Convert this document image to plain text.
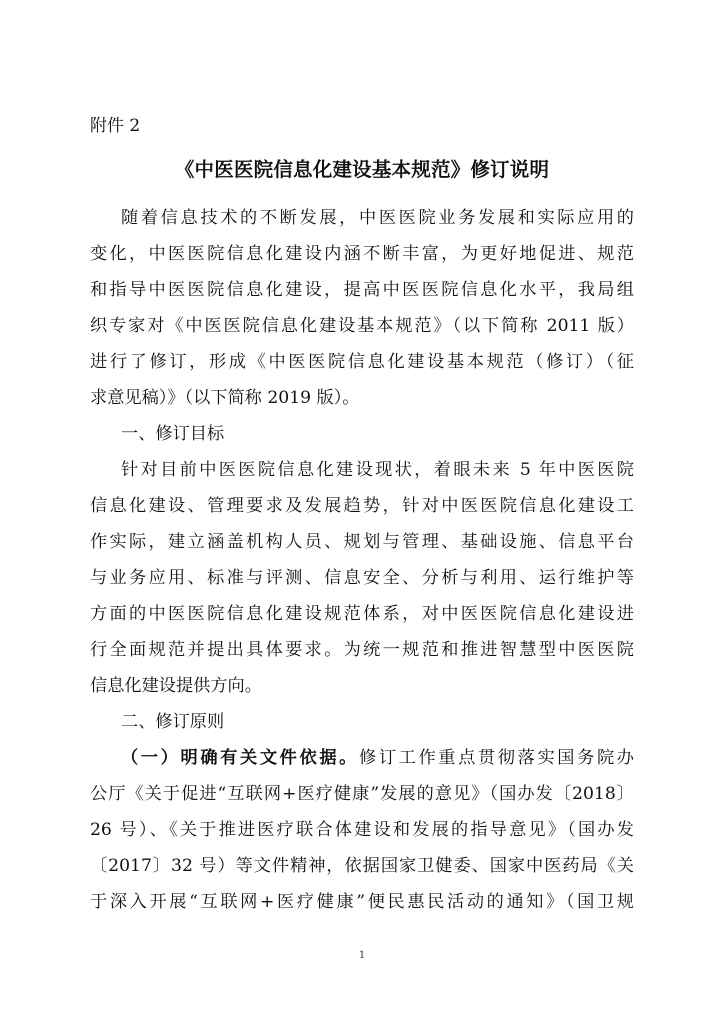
附件 2
《中医医院信息化建设基本规范》修订说明
随着信息技术的不断发展，中医医院业务发展和实际应用的
变化，中医医院信息化建设内涵不断丰富，为更好地促进、规范
和指导中医医院信息化建设，提高中医医院信息化水平，我局组
织专家对《中医医院信息化建设基本规范》（以下简称 2011 版）
进行了修订，形成《中医医院信息化建设基本规范（修订）（征
求意见稿）》（以下简称 2019 版）。
一、修订目标
针对目前中医医院信息化建设现状，着眼未来 5 年中医医院
信息化建设、管理要求及发展趋势，针对中医医院信息化建设工
作实际，建立涵盖机构人员、规划与管理、基础设施、信息平台
与业务应用、标准与评测、信息安全、分析与利用、运行维护等
方面的中医医院信息化建设规范体系，对中医医院信息化建设进
行全面规范并提出具体要求。为统一规范和推进智慧型中医医院
信息化建设提供方向。
二、修订原则
（一）明确有关文件依据。修订工作重点贯彻落实国务院办
公厅《关于促进“互联网+医疗健康”发展的意见》（国办发〔2018〕
26 号）、《关于推进医疗联合体建设和发展的指导意见》（国办发
〔2017〕32 号）等文件精神，依据国家卫健委、国家中医药局《关
于深入开展“互联网+医疗健康”便民惠民活动的通知》（国卫规
1
